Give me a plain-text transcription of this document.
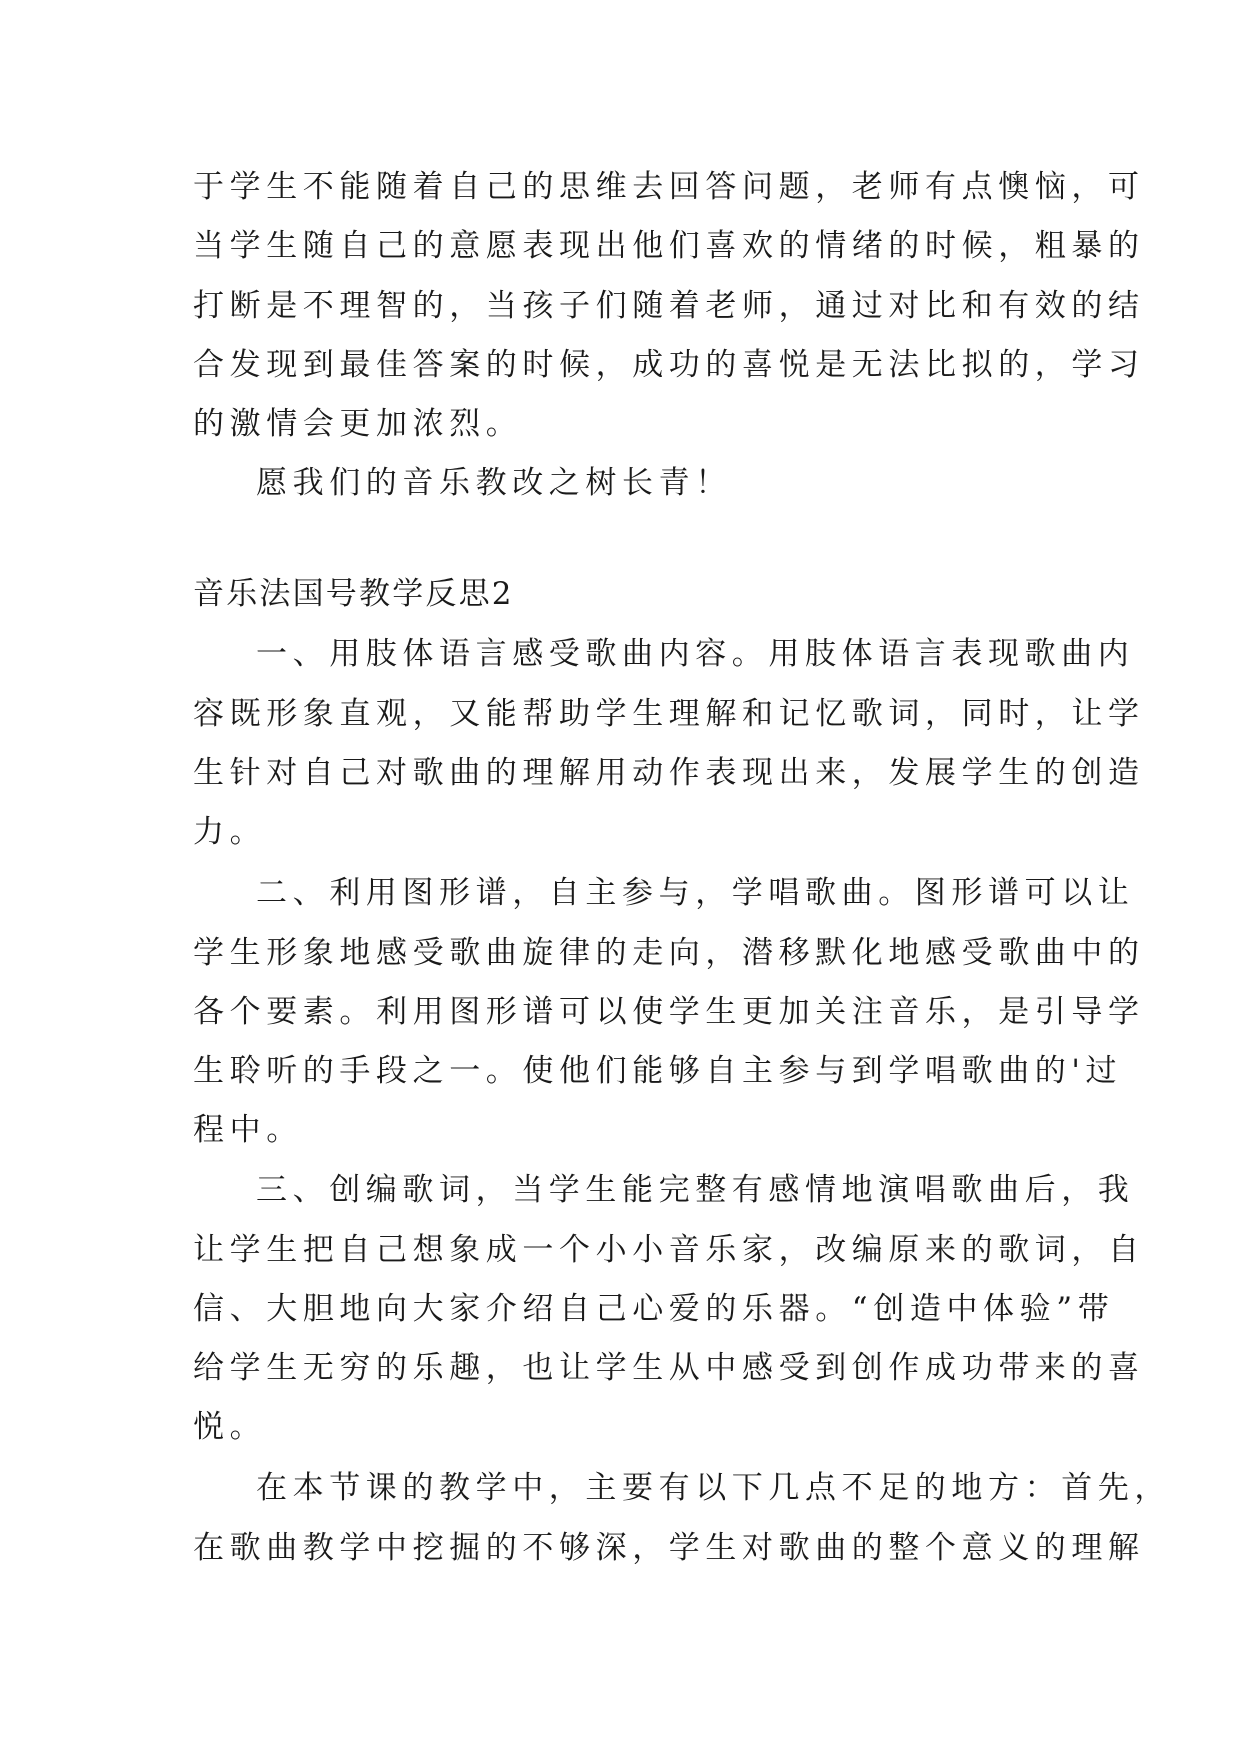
于学生不能随着自己的思维去回答问题，老师有点懊恼，可
当学生随自己的意愿表现出他们喜欢的情绪的时候，粗暴的
打断是不理智的，当孩子们随着老师，通过对比和有效的结
合发现到最佳答案的时候，成功的喜悦是无法比拟的，学习
的激情会更加浓烈。
愿我们的音乐教改之树长青！
音乐法国号教学反思2
一、用肢体语言感受歌曲内容。用肢体语言表现歌曲内
容既形象直观，又能帮助学生理解和记忆歌词，同时，让学
生针对自己对歌曲的理解用动作表现出来，发展学生的创造
力。
二、利用图形谱，自主参与，学唱歌曲。图形谱可以让
学生形象地感受歌曲旋律的走向，潜移默化地感受歌曲中的
各个要素。利用图形谱可以使学生更加关注音乐，是引导学
生聆听的手段之一。使他们能够自主参与到学唱歌曲的'过
程中。
三、创编歌词，当学生能完整有感情地演唱歌曲后，我
让学生把自己想象成一个小小音乐家，改编原来的歌词，自
信、大胆地向大家介绍自己心爱的乐器。“创造中体验”带
给学生无穷的乐趣，也让学生从中感受到创作成功带来的喜
悦。
在本节课的教学中，主要有以下几点不足的地方：首先，
在歌曲教学中挖掘的不够深，学生对歌曲的整个意义的理解
